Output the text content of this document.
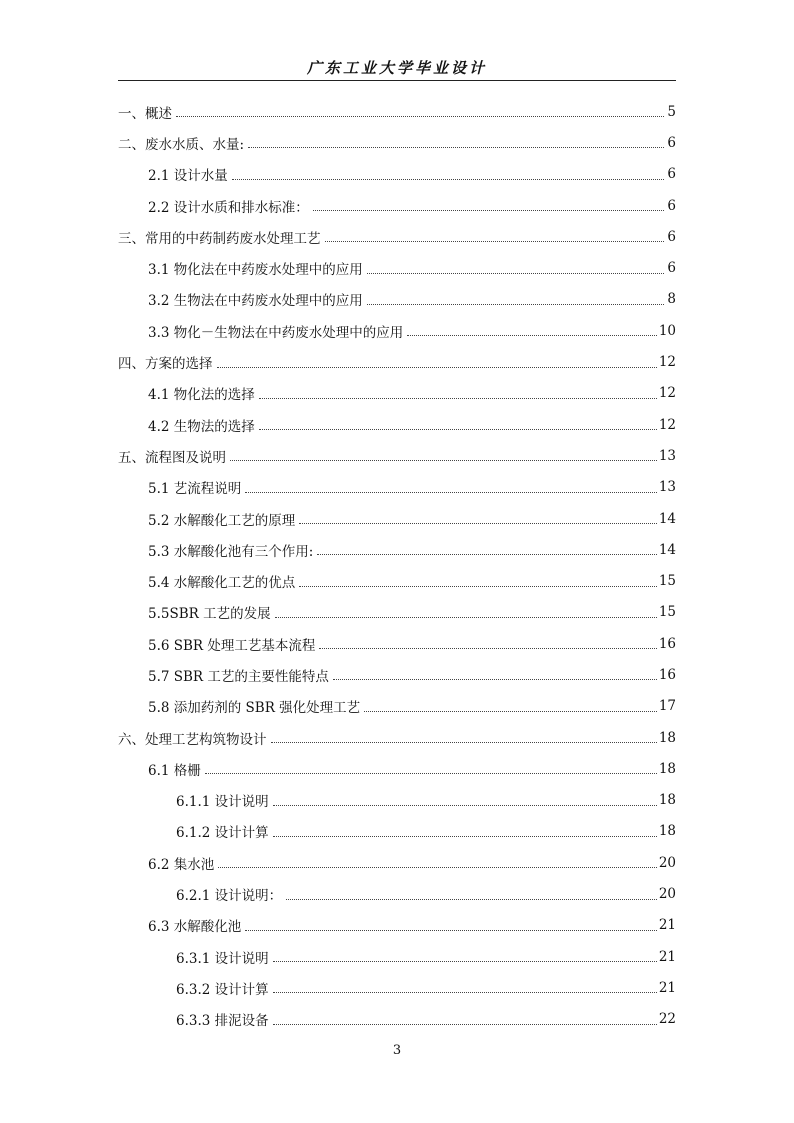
广东工业大学毕业设计
一、概述	5
二、废水水质、水量:	6
2.1 设计水量	6
2.2 设计水质和排水标准：	6
三、常用的中药制药废水处理工艺	6
3.1 物化法在中药废水处理中的应用	6
3.2 生物法在中药废水处理中的应用	8
3.3 物化－生物法在中药废水处理中的应用	10
四、方案的选择	12
4.1 物化法的选择	12
4.2 生物法的选择	12
五、流程图及说明	13
5.1 艺流程说明	13
5.2 水解酸化工艺的原理	14
5.3 水解酸化池有三个作用:	14
5.4 水解酸化工艺的优点	15
5.5SBR 工艺的发展	15
5.6 SBR 处理工艺基本流程	16
5.7 SBR 工艺的主要性能特点	16
5.8 添加药剂的 SBR 强化处理工艺	17
六、处理工艺构筑物设计	18
6.1 格栅	18
6.1.1 设计说明	18
6.1.2 设计计算	18
6.2 集水池	20
6.2.1 设计说明：	20
6.3 水解酸化池	21
6.3.1 设计说明	21
6.3.2 设计计算	21
6.3.3 排泥设备	22
3
